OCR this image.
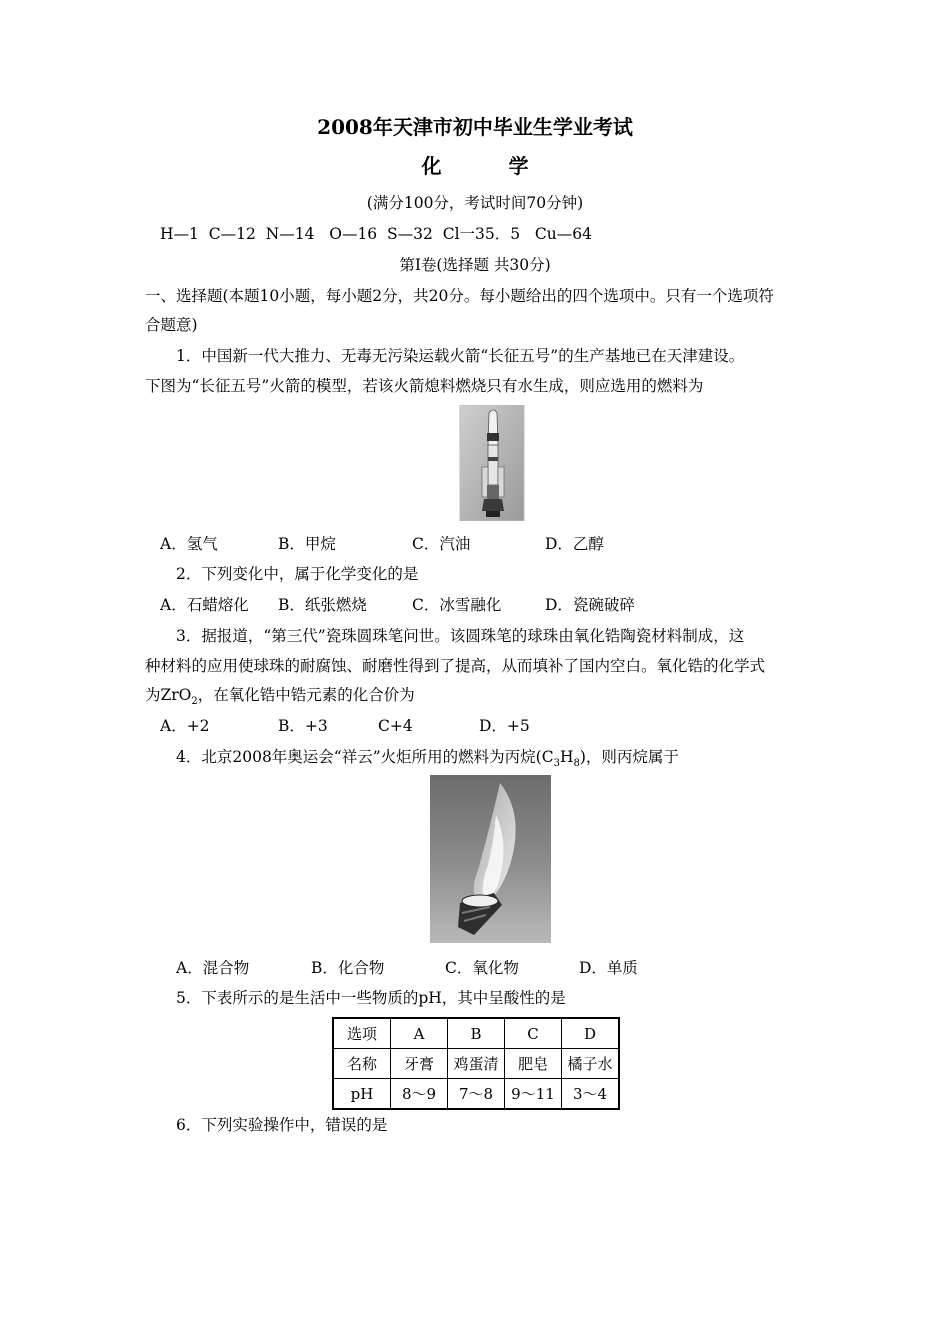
2008年天津市初中毕业生学业考试
化 学
(满分100分，考试时间70分钟)
H—1  C—12  N—14   O—16  S—32  Cl一35．5   Cu—64
第Ⅰ卷(选择题 共30分)
一、选择题(本题10小题，每小题2分，共20分。每小题给出的四个选项中。只有一个选项符
合题意)
1．中国新一代大推力、无毒无污染运载火箭“长征五号”的生产基地已在天津建设。
下图为“长征五号”火箭的模型，若该火箭熄料燃烧只有水生成，则应选用的燃料为
A．氢气	B．甲烷	C．汽油	D．乙醇
2．下列变化中，属于化学变化的是
A．石蜡熔化 B．纸张燃烧	C．冰雪融化	D．瓷碗破碎
3．据报道，“第三代”瓷珠圆珠笔问世。该圆珠笔的球珠由氧化锆陶瓷材料制成，这
种材料的应用使球珠的耐腐蚀、耐磨性得到了提高，从而填补了国内空白。氧化锆的化学式
为ZrO$_2$，在氧化锆中锆元素的化合价为
A．+2	B．+3	C+4	D．+5
4．北京2008年奥运会“祥云”火炬所用的燃料为丙烷$(C_3H_8)$，则丙烷属于
A．混合物	B．化合物	C．氧化物	D．单质
5．下表所示的是生活中一些物质的pH，其中呈酸性的是
选项	A	B	C	D
名称	牙膏	鸡蛋清	肥皂	橘子水
pH	8～9	7～8	9～11	3～4
6．下列实验操作中，错误的是
